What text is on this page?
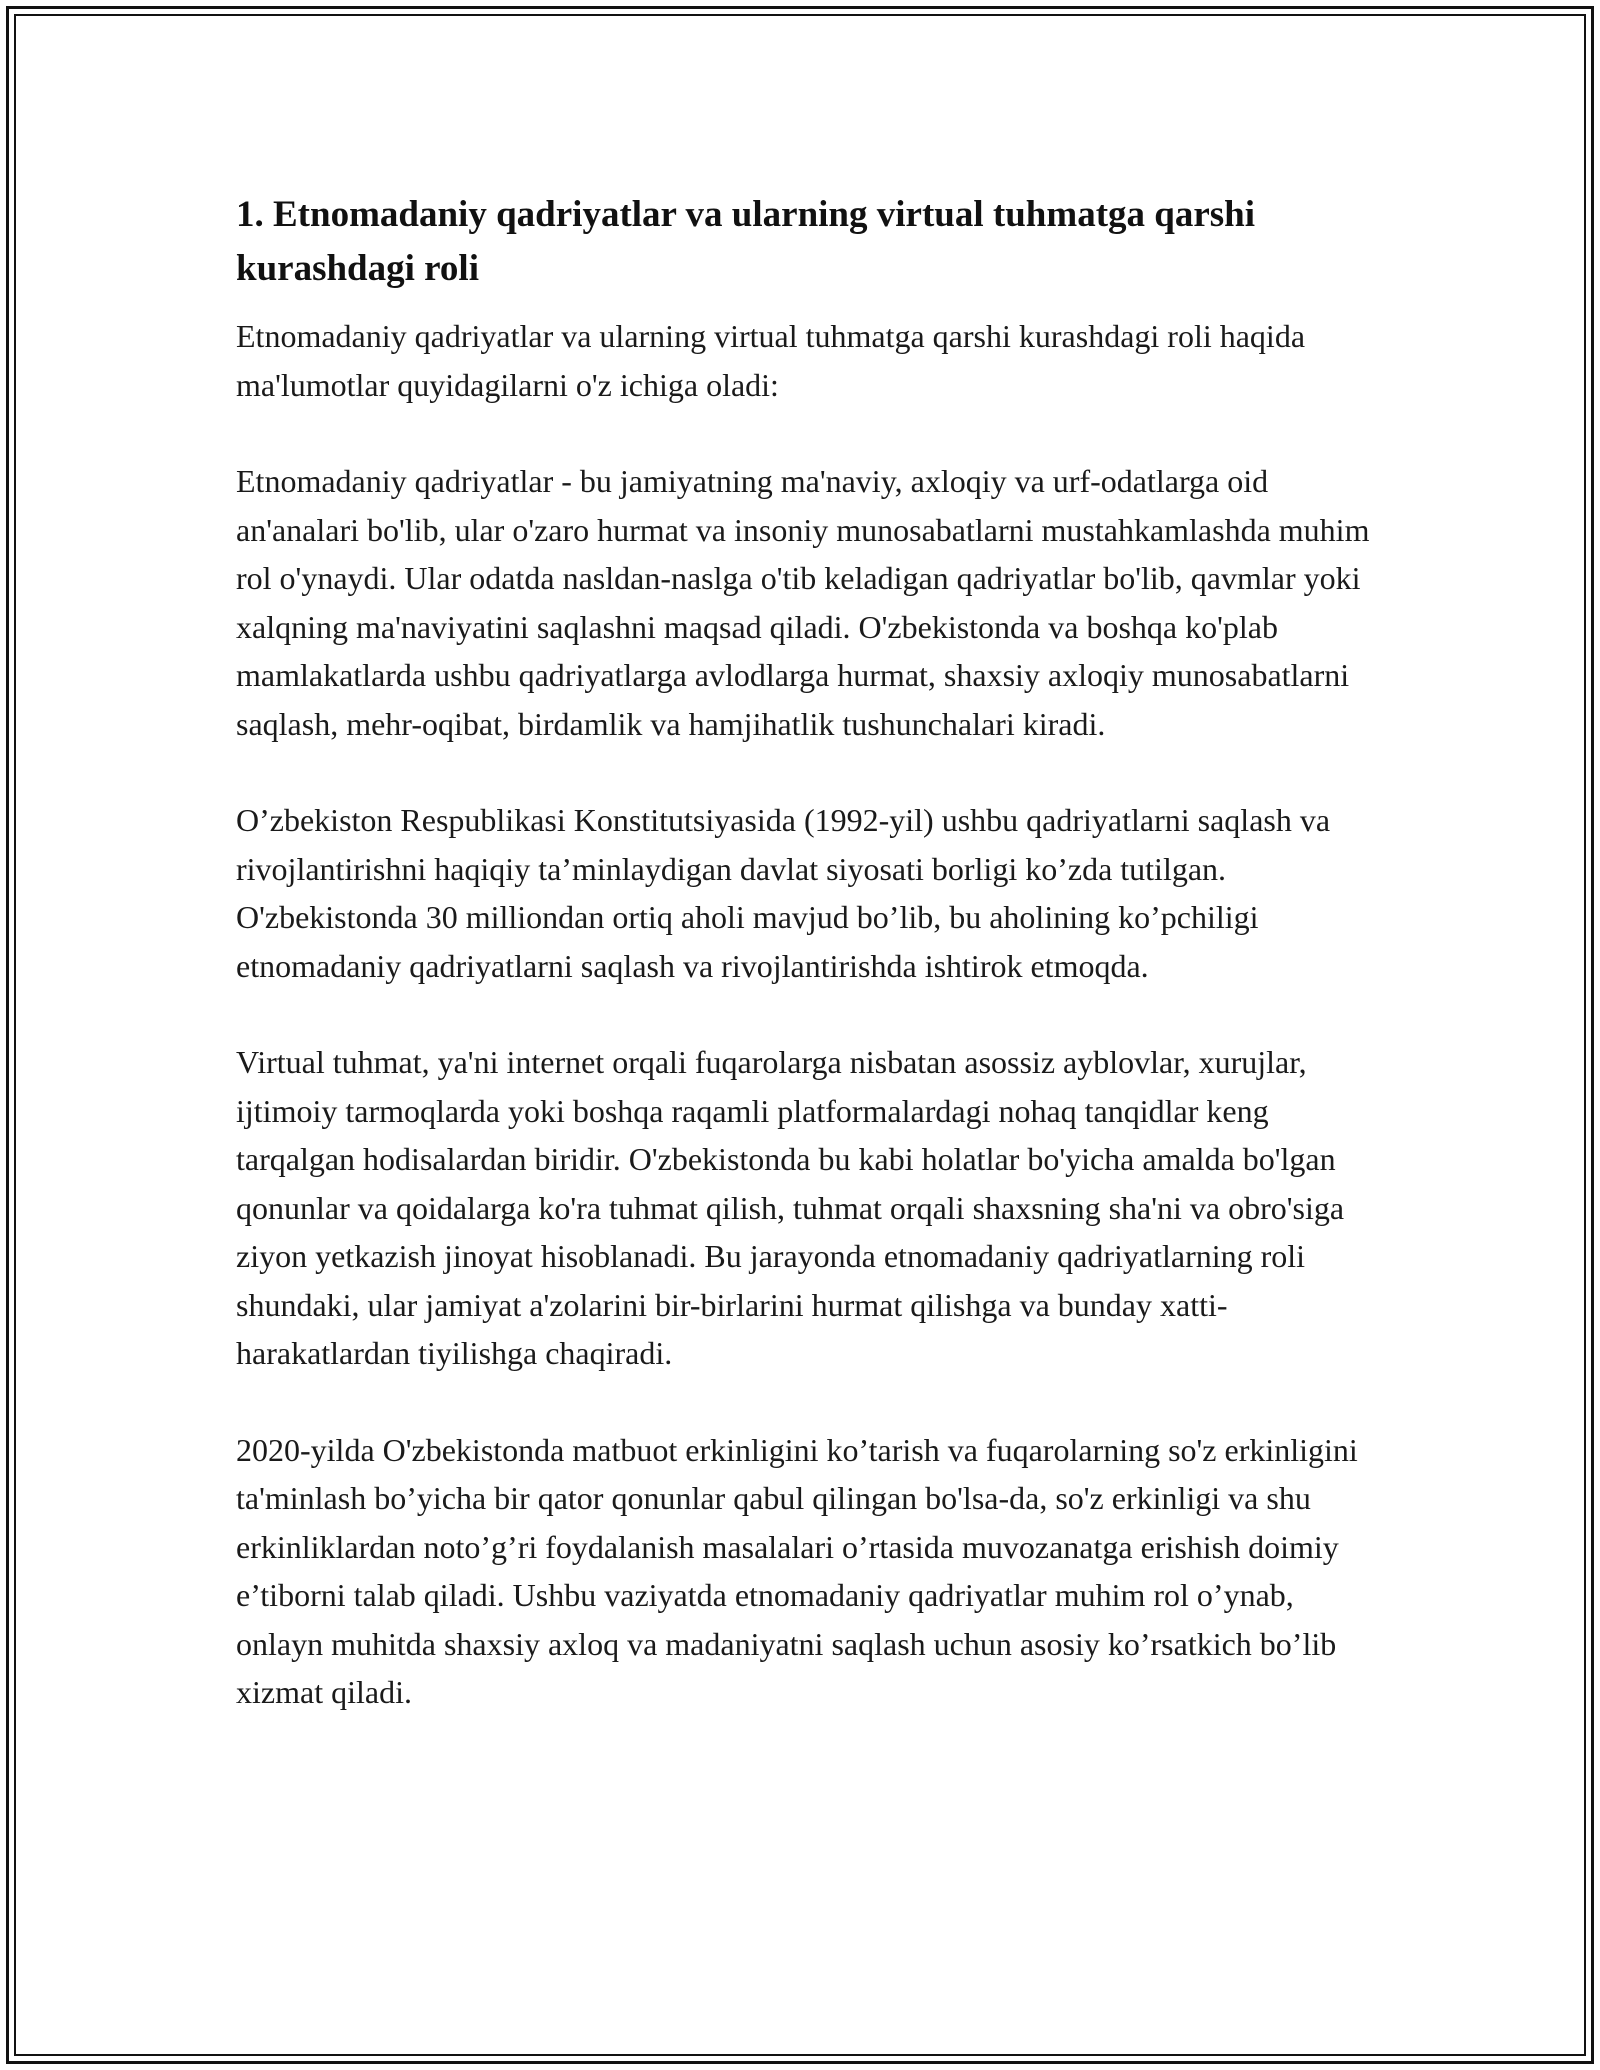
1. Etnomadaniy qadriyatlar va ularning virtual tuhmatga qarshi kurashdagi roli

Etnomadaniy qadriyatlar va ularning virtual tuhmatga qarshi kurashdagi roli haqida ma'lumotlar quyidagilarni o'z ichiga oladi:

Etnomadaniy qadriyatlar - bu jamiyatning ma'naviy, axloqiy va urf-odatlarga oid an'analari bo'lib, ular o'zaro hurmat va insoniy munosabatlarni mustahkamlashda muhim rol o'ynaydi. Ular odatda nasldan-naslga o'tib keladigan qadriyatlar bo'lib, qavmlar yoki xalqning ma'naviyatini saqlashni maqsad qiladi. O'zbekistonda va boshqa ko'plab mamlakatlarda ushbu qadriyatlarga avlodlarga hurmat, shaxsiy axloqiy munosabatlarni saqlash, mehr-oqibat, birdamlik va hamjihatlik tushunchalari kiradi.

O’zbekiston Respublikasi Konstitutsiyasida (1992-yil) ushbu qadriyatlarni saqlash va rivojlantirishni haqiqiy ta’minlaydigan davlat siyosati borligi ko’zda tutilgan. O'zbekistonda 30 milliondan ortiq aholi mavjud bo’lib, bu aholining ko’pchiligi etnomadaniy qadriyatlarni saqlash va rivojlantirishda ishtirok etmoqda.

Virtual tuhmat, ya'ni internet orqali fuqarolarga nisbatan asossiz ayblovlar, xurujlar, ijtimoiy tarmoqlarda yoki boshqa raqamli platformalardagi nohaq tanqidlar keng tarqalgan hodisalardan biridir. O'zbekistonda bu kabi holatlar bo'yicha amalda bo'lgan qonunlar va qoidalarga ko'ra tuhmat qilish, tuhmat orqali shaxsning sha'ni va obro'siga ziyon yetkazish jinoyat hisoblanadi. Bu jarayonda etnomadaniy qadriyatlarning roli shundaki, ular jamiyat a'zolarini bir-birlarini hurmat qilishga va bunday xatti-harakatlardan tiyilishga chaqiradi.

2020-yilda O'zbekistonda matbuot erkinligini ko’tarish va fuqarolarning so'z erkinligini ta'minlash bo’yicha bir qator qonunlar qabul qilingan bo'lsa-da, so'z erkinligi va shu erkinliklardan noto’g’ri foydalanish masalalari o’rtasida muvozanatga erishish doimiy e’tiborni talab qiladi. Ushbu vaziyatda etnomadaniy qadriyatlar muhim rol o’ynab, onlayn muhitda shaxsiy axloq va madaniyatni saqlash uchun asosiy ko’rsatkich bo’lib xizmat qiladi.
